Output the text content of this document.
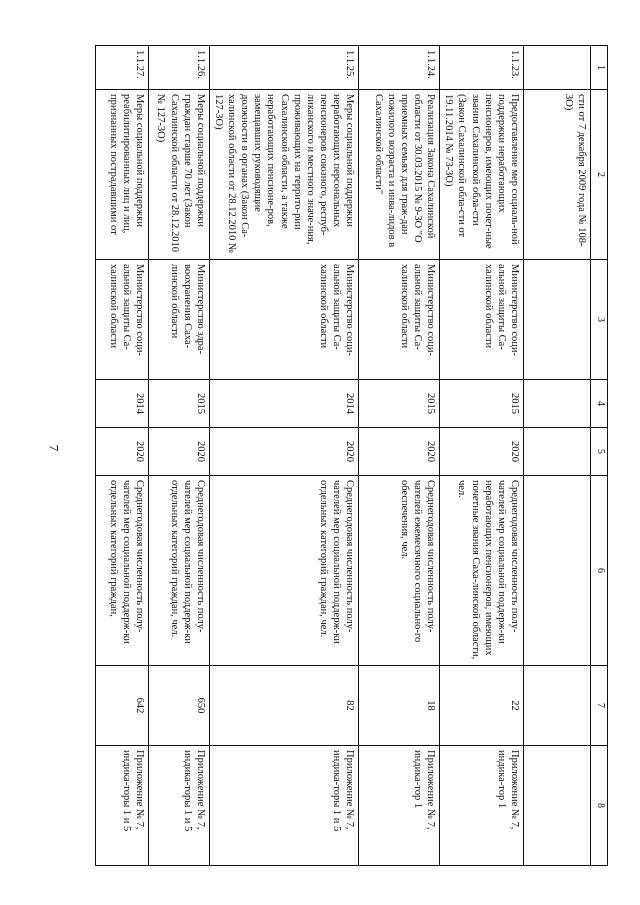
7
1	2	3	4	5	6	7	8
	сти от 7 декабря 2009 года № 108-ЗО)						
1.1.23.	Предоставление мер социаль-ной поддержки неработающих пенсионеров, имеющих почет-ные звания Сахалинской обла-сти (Закон Сахалинской обла-сти от 19.11.2014 № 73-ЗО)	Министерство соци-альной защиты Са-халинской области	2015	2020	Среднегодовая численность полу-чателей мер социальной поддерж-ки неработающих пенсионеров, имеющих почетные звания Саха-линской области, чел.	22	Приложение № 7, индика-тор 1
1.1.24.	Реализация Закона Сахалинской области от 30.03.2015 № 9-ЗО "О приемных семьях для граж-дан пожилого возраста и инва-лидов в Сахалинской области"	Министерство соци-альной защиты Са-халинской области	2015	2020	Среднегодовая численность полу-чателей ежемесячного социально-го обеспечения, чел.	18	Приложение № 7, индика-тор 1
1.1.25.	Меры социальной поддержки неработающих персональных пенсионеров союзного, респуб-ликанского и местного значе-ния, проживающих на террито-рии Сахалинской области, а также неработающих пенсионе-ров, замещавших руководящие должности в органах (Закон Са-халинской области от 28.12.2010 № 127-ЗО)	Министерство соци-альной защиты Са-халинской области	2014	2020	Среднегодовая численность полу-чателей мер социальной поддерж-ки отдельных категорий граждан, чел.	82	Приложение № 7, индика-торы 1 и 5
1.1.26.	Меры социальной поддержки граждан старше 70 лет (Закон Сахалинской области от 28.12.2010 № 127-ЗО)	Министерство здра-воохранения Саха-линской области	2015	2020	Среднегодовая численность полу-чателей мер социальной поддерж-ки отдельных категорий граждан, чел.	650	Приложение № 7, индика-торы 1 и 5
1.1.27.	Меры социальной поддержки реабилитированных лиц и лиц, признанных пострадавшими от	Министерство соци-альной защиты Са-халинской области	2014	2020	Среднегодовая численность полу-чателей мер социальной поддерж-ки отдельных категорий граждан,	642	Приложение № 7, индика-торы 1 и 5
